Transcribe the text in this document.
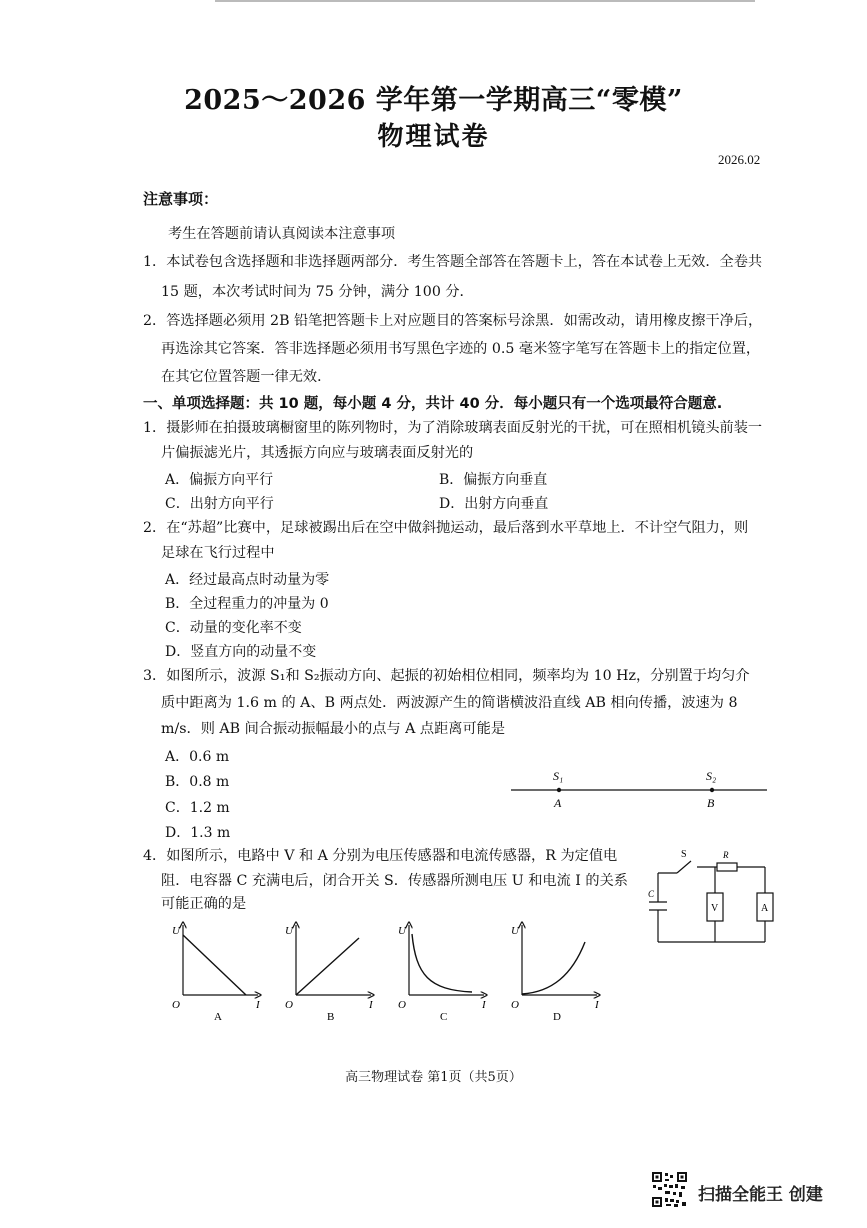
2025～2026 学年第一学期高三“零模”
物理试卷
2026.02
注意事项：
考生在答题前请认真阅读本注意事项
1．本试卷包含选择题和非选择题两部分．考生答题全部答在答题卡上，答在本试卷上无效．全卷共
15 题，本次考试时间为 75 分钟，满分 100 分．
2．答选择题必须用 2B 铅笔把答题卡上对应题目的答案标号涂黑．如需改动，请用橡皮擦干净后，
再选涂其它答案．答非选择题必须用书写黑色字迹的 0.5 毫米签字笔写在答题卡上的指定位置，
在其它位置答题一律无效．
一、单项选择题：共 10 题，每小题 4 分，共计 40 分．每小题只有一个选项最符合题意.
1．摄影师在拍摄玻璃橱窗里的陈列物时，为了消除玻璃表面反射光的干扰，可在照相机镜头前装一
片偏振滤光片，其透振方向应与玻璃表面反射光的
A．偏振方向平行	B．偏振方向垂直
C．出射方向平行	D．出射方向垂直
2．在“苏超”比赛中，足球被踢出后在空中做斜抛运动，最后落到水平草地上．不计空气阻力，则
足球在飞行过程中
A．经过最高点时动量为零
B．全过程重力的冲量为 0
C．动量的变化率不变
D．竖直方向的动量不变
3．如图所示，波源 S₁和 S₂振动方向、起振的初始相位相同，频率均为 10 Hz，分别置于均匀介
质中距离为 1.6 m 的 A、B 两点处．两波源产生的简谐横波沿直线 AB 相向传播，波速为 8
m/s．则 AB 间合振动振幅最小的点与 A 点距离可能是
A．0.6 m
B．0.8 m
C．1.2 m
D．1.3 m
S₁	S₂
A	B
4．如图所示，电路中 V 和 A 分别为电压传感器和电流传感器，R 为定值电
阻．电容器 C 充满电后，闭合开关 S．传感器所测电压 U 和电流 I 的关系
可能正确的是
S	R
C
V	A
U
I
O
A
U
I
O
B
U
I
O
C
U
I
O
D
高三物理试卷 第1页（共5页）
扫描全能王 创建
